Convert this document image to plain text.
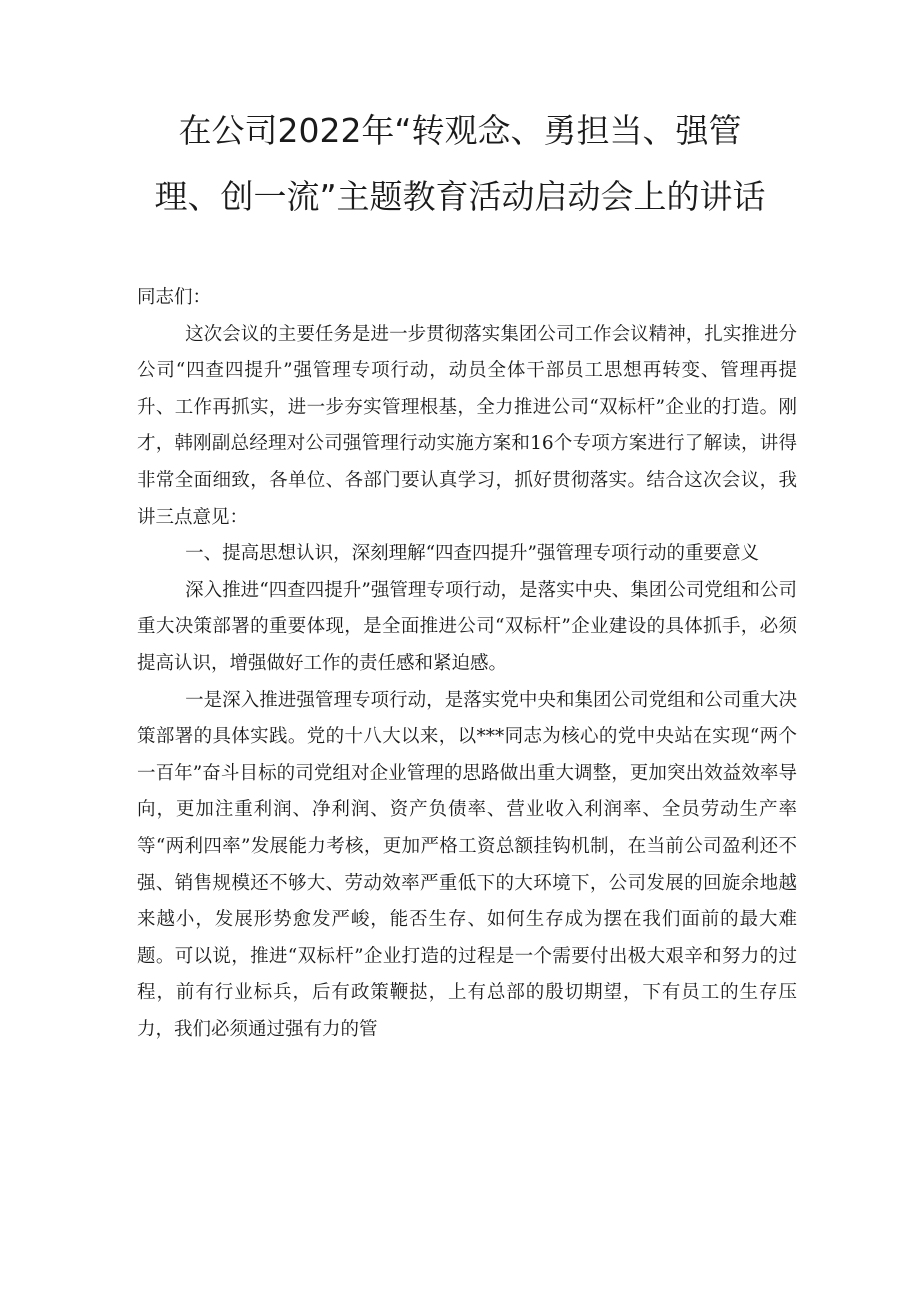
在公司2022年“转观念、勇担当、强管
理、创一流”主题教育活动启动会上的讲话

同志们：

这次会议的主要任务是进一步贯彻落实集团公司工作会议精神，扎实推进分公司“四查四提升”强管理专项行动，动员全体干部员工思想再转变、管理再提升、工作再抓实，进一步夯实管理根基，全力推进公司“双标杆”企业的打造。刚才，韩刚副总经理对公司强管理行动实施方案和16个专项方案进行了解读，讲得非常全面细致，各单位、各部门要认真学习，抓好贯彻落实。结合这次会议，我讲三点意见：

一、提高思想认识，深刻理解“四查四提升”强管理专项行动的重要意义

深入推进“四查四提升”强管理专项行动，是落实中央、集团公司党组和公司重大决策部署的重要体现，是全面推进公司“双标杆”企业建设的具体抓手，必须提高认识，增强做好工作的责任感和紧迫感。

一是深入推进强管理专项行动，是落实党中央和集团公司党组和公司重大决策部署的具体实践。党的十八大以来，以***同志为核心的党中央站在实现“两个一百年”奋斗目标的司党组对企业管理的思路做出重大调整，更加突出效益效率导向，更加注重利润、净利润、资产负债率、营业收入利润率、全员劳动生产率等“两利四率”发展能力考核，更加严格工资总额挂钩机制，在当前公司盈利还不强、销售规模还不够大、劳动效率严重低下的大环境下，公司发展的回旋余地越来越小，发展形势愈发严峻，能否生存、如何生存成为摆在我们面前的最大难题。可以说，推进“双标杆”企业打造的过程是一个需要付出极大艰辛和努力的过程，前有行业标兵，后有政策鞭挞，上有总部的殷切期望，下有员工的生存压力，我们必须通过强有力的管
